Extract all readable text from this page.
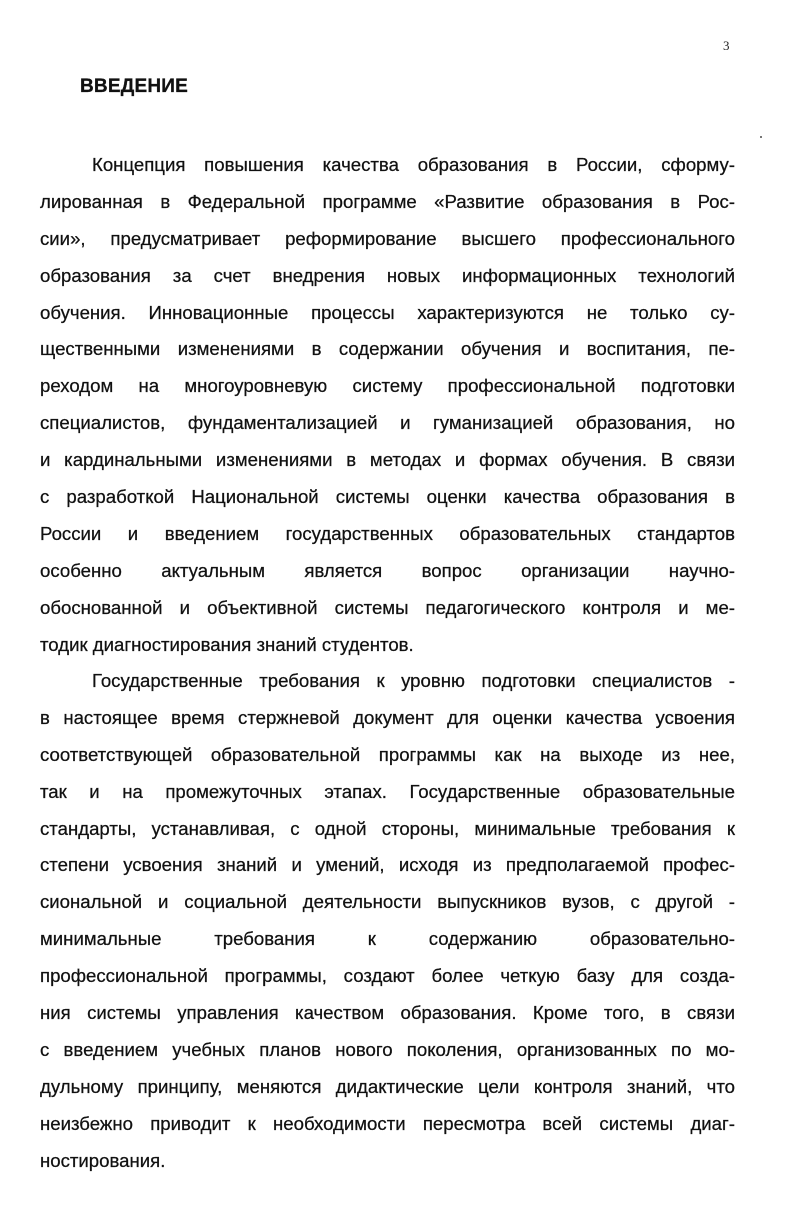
3
ВВЕДЕНИЕ
Концепция повышения качества образования в России, сформу-
лированная в Федеральной программе «Развитие образования в Рос-
сии», предусматривает реформирование высшего профессионального
образования за счет внедрения новых информационных технологий
обучения. Инновационные процессы характеризуются не только су-
щественными изменениями в содержании обучения и воспитания, пе-
реходом на многоуровневую систему профессиональной подготовки
специалистов, фундаментализацией и гуманизацией образования, но
и кардинальными изменениями в методах и формах обучения. В связи
с разработкой Национальной системы оценки качества образования в
России и введением государственных образовательных стандартов
особенно актуальным является вопрос организации научно-
обоснованной и объективной системы педагогического контроля и ме-
тодик диагностирования знаний студентов.
Государственные требования к уровню подготовки специалистов -
в настоящее время стержневой документ для оценки качества усвоения
соответствующей образовательной программы как на выходе из нее,
так и на промежуточных этапах. Государственные образовательные
стандарты, устанавливая, с одной стороны, минимальные требования к
степени усвоения знаний и умений, исходя из предполагаемой профес-
сиональной и социальной деятельности выпускников вузов, с другой -
минимальные требования к содержанию образовательно-
профессиональной программы, создают более четкую базу для созда-
ния системы управления качеством образования. Кроме того, в связи
с введением учебных планов нового поколения, организованных по мо-
дульному принципу, меняются дидактические цели контроля знаний, что
неизбежно приводит к необходимости пересмотра всей системы диаг-
ностирования.
